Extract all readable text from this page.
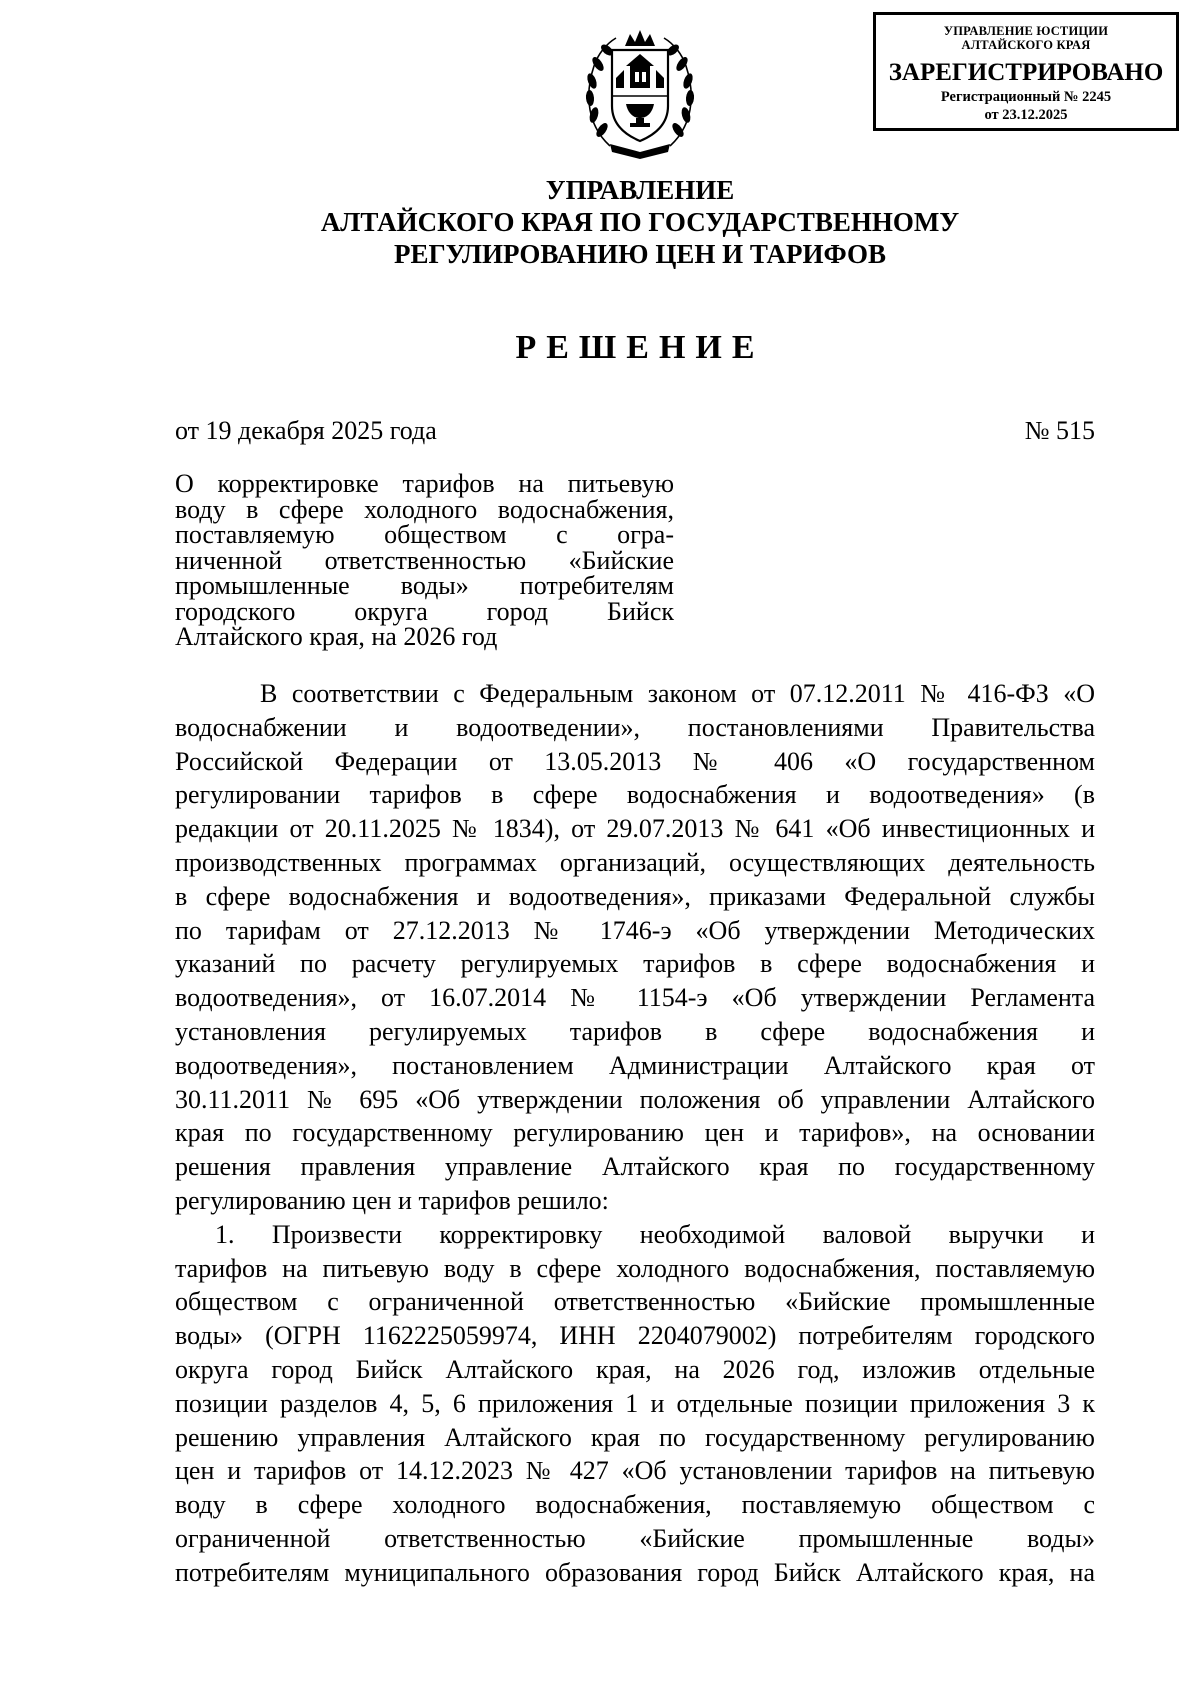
УПРАВЛЕНИЕ ЮСТИЦИИ
АЛТАЙСКОГО КРАЯ
ЗАРЕГИСТРИРОВАНО
Регистрационный № 2245
от 23.12.2025
УПРАВЛЕНИЕ
АЛТАЙСКОГО КРАЯ ПО ГОСУДАРСТВЕННОМУ
РЕГУЛИРОВАНИЮ ЦЕН И ТАРИФОВ
РЕШЕНИЕ
от 19 декабря 2025 года	№ 515
О корректировке тарифов на питьевую
воду в сфере холодного водоснабжения,
поставляемую обществом с огра-
ниченной ответственностью «Бийские
промышленные воды» потребителям
городского округа город Бийск
Алтайского края, на 2026 год
В соответствии с Федеральным законом от 07.12.2011 № 416-ФЗ «О
водоснабжении и водоотведении», постановлениями Правительства
Российской Федерации от 13.05.2013 № 406 «О государственном
регулировании тарифов в сфере водоснабжения и водоотведения» (в
редакции от 20.11.2025 № 1834), от 29.07.2013 № 641 «Об инвестиционных и
производственных программах организаций, осуществляющих деятельность
в сфере водоснабжения и водоотведения», приказами Федеральной службы
по тарифам от 27.12.2013 № 1746-э «Об утверждении Методических
указаний по расчету регулируемых тарифов в сфере водоснабжения и
водоотведения», от 16.07.2014 № 1154-э «Об утверждении Регламента
установления регулируемых тарифов в сфере водоснабжения и
водоотведения», постановлением Администрации Алтайского края от
30.11.2011 № 695 «Об утверждении положения об управлении Алтайского
края по государственному регулированию цен и тарифов», на основании
решения правления управление Алтайского края по государственному
регулированию цен и тарифов решило:
1. Произвести корректировку необходимой валовой выручки и
тарифов на питьевую воду в сфере холодного водоснабжения, поставляемую
обществом с ограниченной ответственностью «Бийские промышленные
воды» (ОГРН 1162225059974, ИНН 2204079002) потребителям городского
округа город Бийск Алтайского края, на 2026 год, изложив отдельные
позиции разделов 4, 5, 6 приложения 1 и отдельные позиции приложения 3 к
решению управления Алтайского края по государственному регулированию
цен и тарифов от 14.12.2023 № 427 «Об установлении тарифов на питьевую
воду в сфере холодного водоснабжения, поставляемую обществом с
ограниченной ответственностью «Бийские промышленные воды»
потребителям муниципального образования город Бийск Алтайского края, на
